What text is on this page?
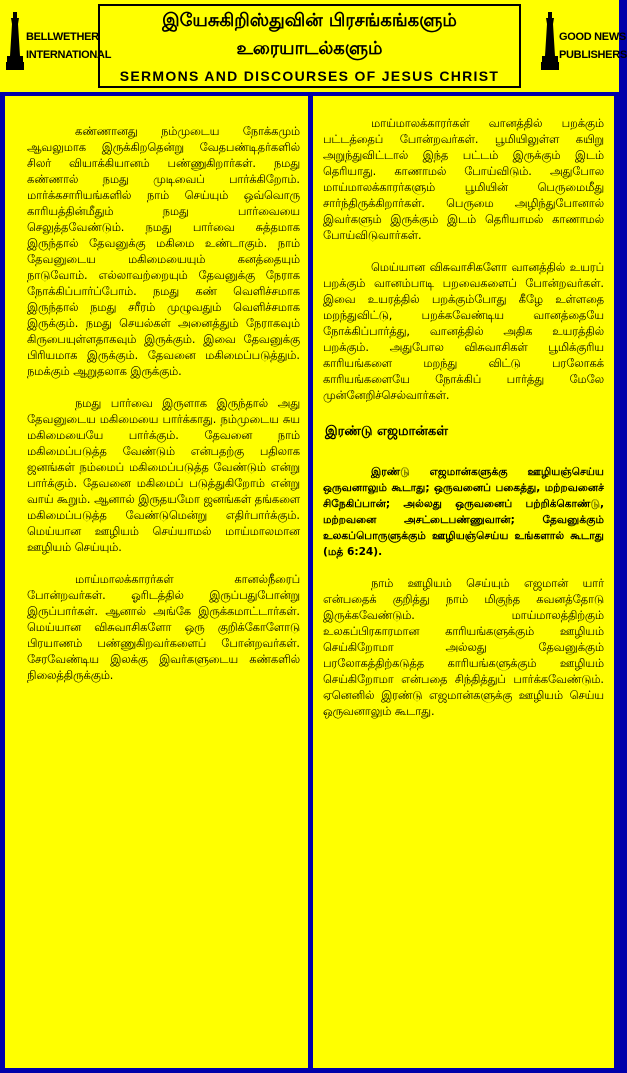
BELLWETHER
INTERNATIONAL
இயேசுகிறிஸ்துவின் பிரசங்கங்களும்
உரையாடல்களும்
SERMONS AND DISCOURSES OF JESUS CHRIST
GOOD NEWS
PUBLISHERS

கண்ணானது நம்முடைய நோக்கமும் ஆவலுமாக இருக்கிறதென்று வேதபண்டிதர்களில் சிலர் வியாக்கியானம் பண்ணுகிறார்கள். நமது கண்ணால் நமது முடிவைப் பார்க்கிறோம். மார்க்கசாரியங்களில் நாம் செய்யும் ஒவ்வொரு காரியத்தின்மீதும் நமது பார்வையை செலுத்தவேண்டும். நமது பார்வை சுத்தமாக இருந்தால் தேவனுக்கு மகிமை உண்டாகும். நாம் தேவனுடைய மகிமையையும் கனத்தையும் நாடுவோம். எல்லாவற்றையும் தேவனுக்கு நேராக நோக்கிப்பார்ப்போம். நமது கண் வெளிச்சமாக இருந்தால் நமது சரீரம் முழுவதும் வெளிச்சமாக இருக்கும். நமது செயல்கள் அனைத்தும் நேராகவும் கிருபையுள்ளதாகவும் இருக்கும். இவை தேவனுக்கு பிரியமாக இருக்கும். தேவனை மகிமைப்படுத்தும். நமக்கும் ஆறுதலாக இருக்கும்.

நமது பார்வை இருளாக இருந்தால் அது தேவனுடைய மகிமையை பார்க்காது. நம்முடைய சுய மகிமையையே பார்க்கும். தேவனை நாம் மகிமைப்படுத்த வேண்டும் என்பதற்கு பதிலாக ஜனங்கள் நம்மைப் மகிமைப்படுத்த வேண்டும் என்று பார்க்கும். தேவனை மகிமைப் படுத்துகிறோம் என்று வாய் கூறும். ஆனால் இருதயமோ ஜனங்கள் தங்களை மகிமைப்படுத்த வேண்டுமென்று எதிர்பார்க்கும். மெய்யான ஊழியம் செய்யாமல் மாய்மாலமான ஊழியம் செய்யும்.

மாய்மாலக்காரர்கள் கானல்நீரைப் போன்றவர்கள். ஓரிடத்தில் இருப்பதுபோன்று இருப்பார்கள். ஆனால் அங்கே இருக்கமாட்டார்கள். மெய்யான விசுவாசிகளோ ஒரு குறிக்கோளோடு பிரயாணம் பண்ணுகிறவர்களைப் போன்றவர்கள். சேரவேண்டிய இலக்கு இவர்களுடைய கண்களில் நிலைத்திருக்கும்.

மாய்மாலக்காரர்கள் வானத்தில் பறக்கும் பட்டத்தைப் போன்றவர்கள். பூமியிலுள்ள கயிறு அறுந்துவிட்டால் இந்த பட்டம் இருக்கும் இடம் தெரியாது. காணாமல் போய்விடும். அதுபோல மாய்மாலக்காரர்களும் பூமியின் பெருமைமீது சார்ந்திருக்கிறார்கள். பெருமை அழிந்துபோனால் இவர்களும் இருக்கும் இடம் தெரியாமல் காணாமல் போய்விடுவார்கள்.

மெய்யான விசுவாசிகளோ வானத்தில் உயரப் பறக்கும் வானம்பாடி பறவைகளைப் போன்றவர்கள். இவை உயரத்தில் பறக்கும்போது கீழே உள்ளதை மறந்துவிட்டு, பறக்கவேண்டிய வானத்தையே நோக்கிப்பார்த்து, வானத்தில் அதிக உயரத்தில் பறக்கும். அதுபோல விசுவாசிகள் பூமிக்குரிய காரியங்களை மறந்து விட்டு பரலோகக் காரியங்களையே நோக்கிப் பார்த்து மேலே முன்னேறிச்செல்வார்கள்.

இரண்டு எஜமான்கள்

இரண்டு எஜமான்களுக்கு ஊழியஞ்செய்ய ஒருவனாலும் கூடாது; ஒருவனைப் பகைத்து, மற்றவனைச் சிநேகிப்பான்; அல்லது ஒருவனைப் பற்றிக்கொண்டு, மற்றவனை அசட்டைபண்ணுவான்; தேவனுக்கும் உலகப்பொருளுக்கும் ஊழியஞ்செய்ய உங்களால் கூடாது (மத் 6:24).

நாம் ஊழியம் செய்யும் எஜமான் யார் என்பதைக் குறித்து நாம் மிகுந்த கவனத்தோடு இருக்கவேண்டும். மாய்மாலத்திற்கும் உலகப்பிரகாரமான காரியங்களுக்கும் ஊழியம் செய்கிறோமா அல்லது தேவனுக்கும் பரலோகத்திற்கடுத்த காரியங்களுக்கும் ஊழியம் செய்கிறோமா என்பதை சிந்தித்துப் பார்க்கவேண்டும். ஏனெனில் இரண்டு எஜமான்களுக்கு ஊழியம் செய்ய ஒருவனாலும் கூடாது.
